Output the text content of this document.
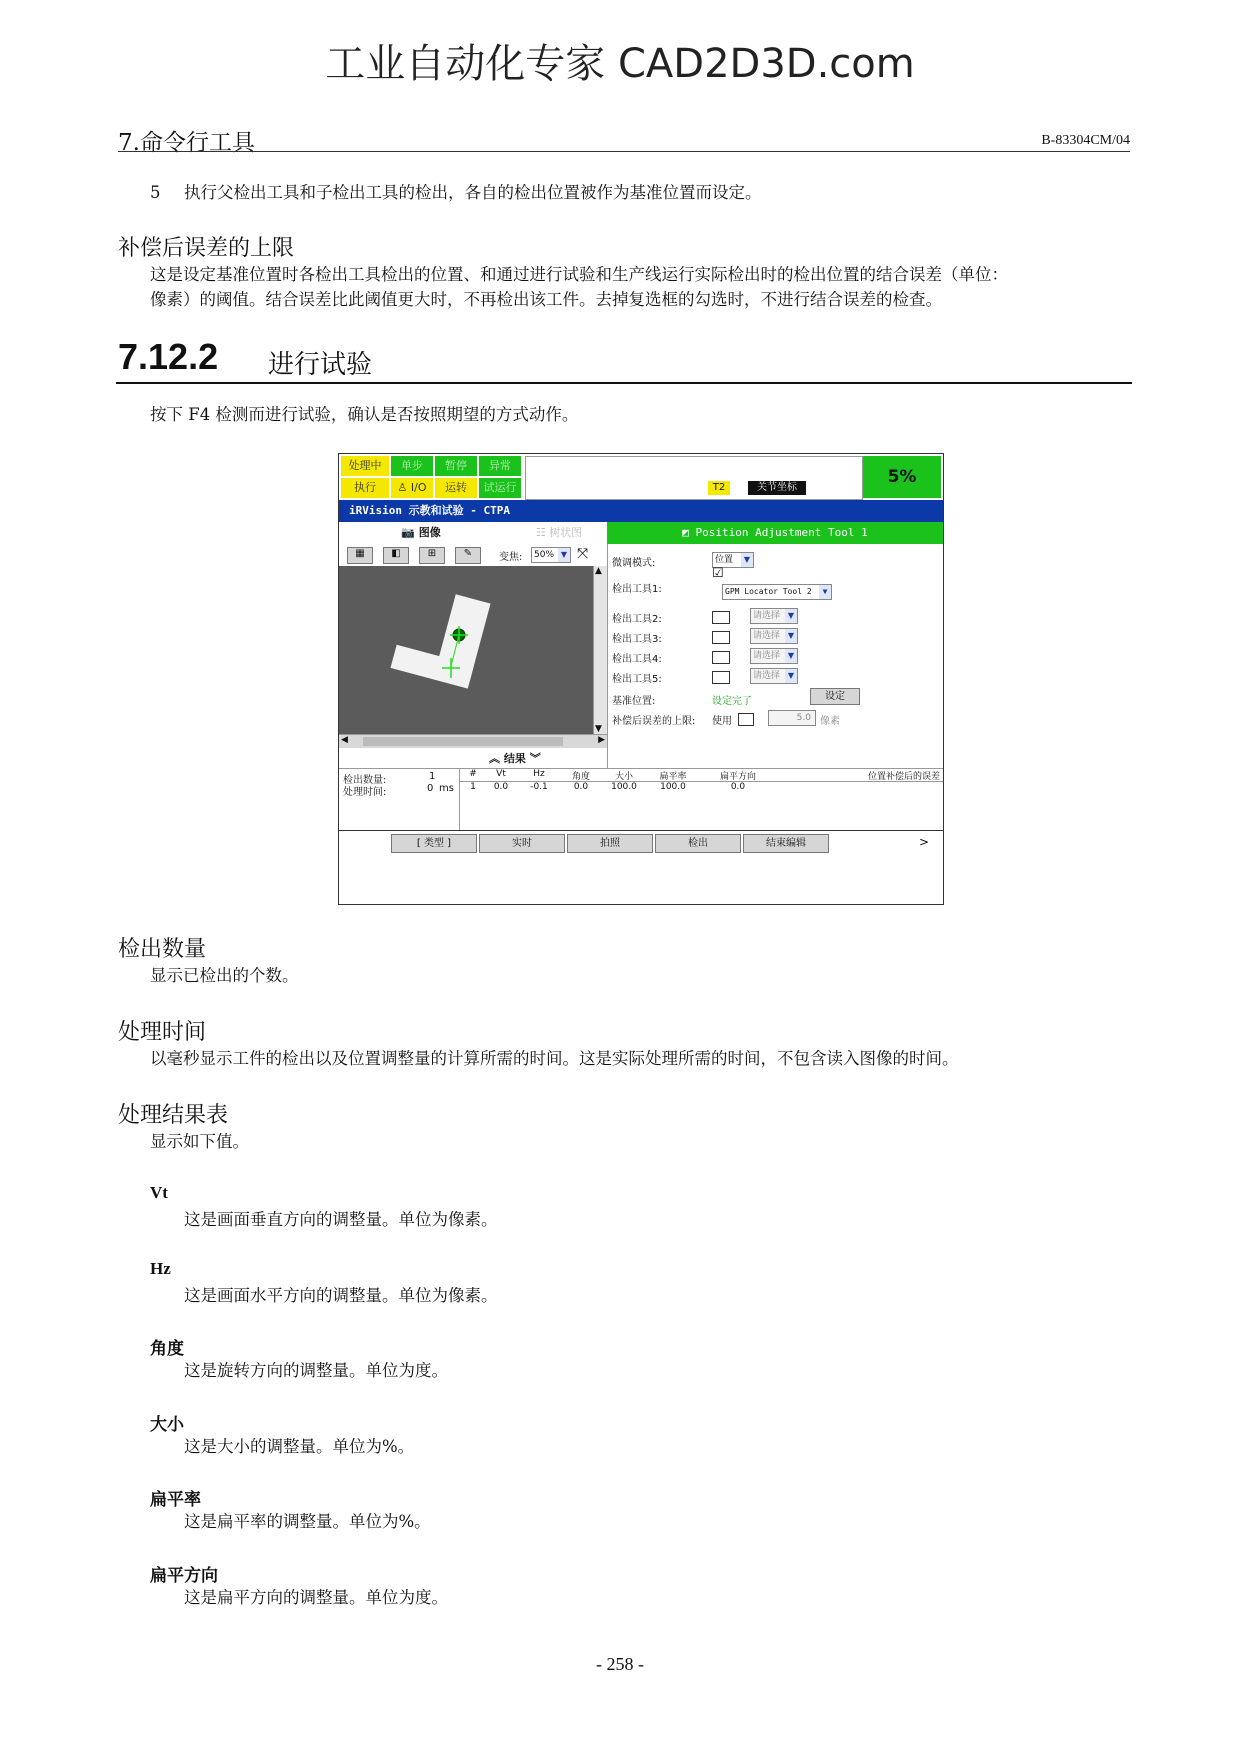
工业自动化专家 CAD2D3D.com
7.命令行工具	B-83304CM/04
5 执行父检出工具和子检出工具的检出，各自的检出位置被作为基准位置而设定。
补偿后误差的上限
这是设定基准位置时各检出工具检出的位置、和通过进行试验和生产线运行实际检出时的检出位置的结合误差（单位：
像素）的阈值。结合误差比此阈值更大时，不再检出该工件。去掉复选框的勾选时，不进行结合误差的检查。
7.12.2 进行试验
按下 F4 检测而进行试验，确认是否按照期望的方式动作。
处理中	单步	暂停	异常
执行	♙ I/O	运转	试运行	T2	关节坐标
5%
iRVision 示教和试验 - CTPA
📷 图像	☷ 树状图	◩ Position Adjustment Tool 1
▦	◧	⊞	✎	变焦:	50% ▼ ⤧
▲
▼
◀	▶
︽ 结果 ︾
微调模式:	位置	▼
检出工具1:
☑
GPM Locator Tool 2	▼
检出工具2:	请选择 ▼
检出工具3:	请选择 ▼
检出工具4:	请选择 ▼
检出工具5:	请选择 ▼
基准位置:	设定完了	设定
补偿后误差的上限: 使用	5.0 像素
检出数量:	1
处理时间:	0 ms
#	Vt	Hz	角度	大小	扁平率	扁平方向	位置补偿后的误差
1	0.0	-0.1	0.0	100.0	100.0	0.0
[ 类型 ]	实时	拍照	检出	结束编辑	>
检出数量
显示已检出的个数。
处理时间
以毫秒显示工件的检出以及位置调整量的计算所需的时间。这是实际处理所需的时间，不包含读入图像的时间。
处理结果表
显示如下值。
Vt
这是画面垂直方向的调整量。单位为像素。
Hz
这是画面水平方向的调整量。单位为像素。
角度
这是旋转方向的调整量。单位为度。
大小
这是大小的调整量。单位为%。
扁平率
这是扁平率的调整量。单位为%。
扁平方向
这是扁平方向的调整量。单位为度。
- 258 -
